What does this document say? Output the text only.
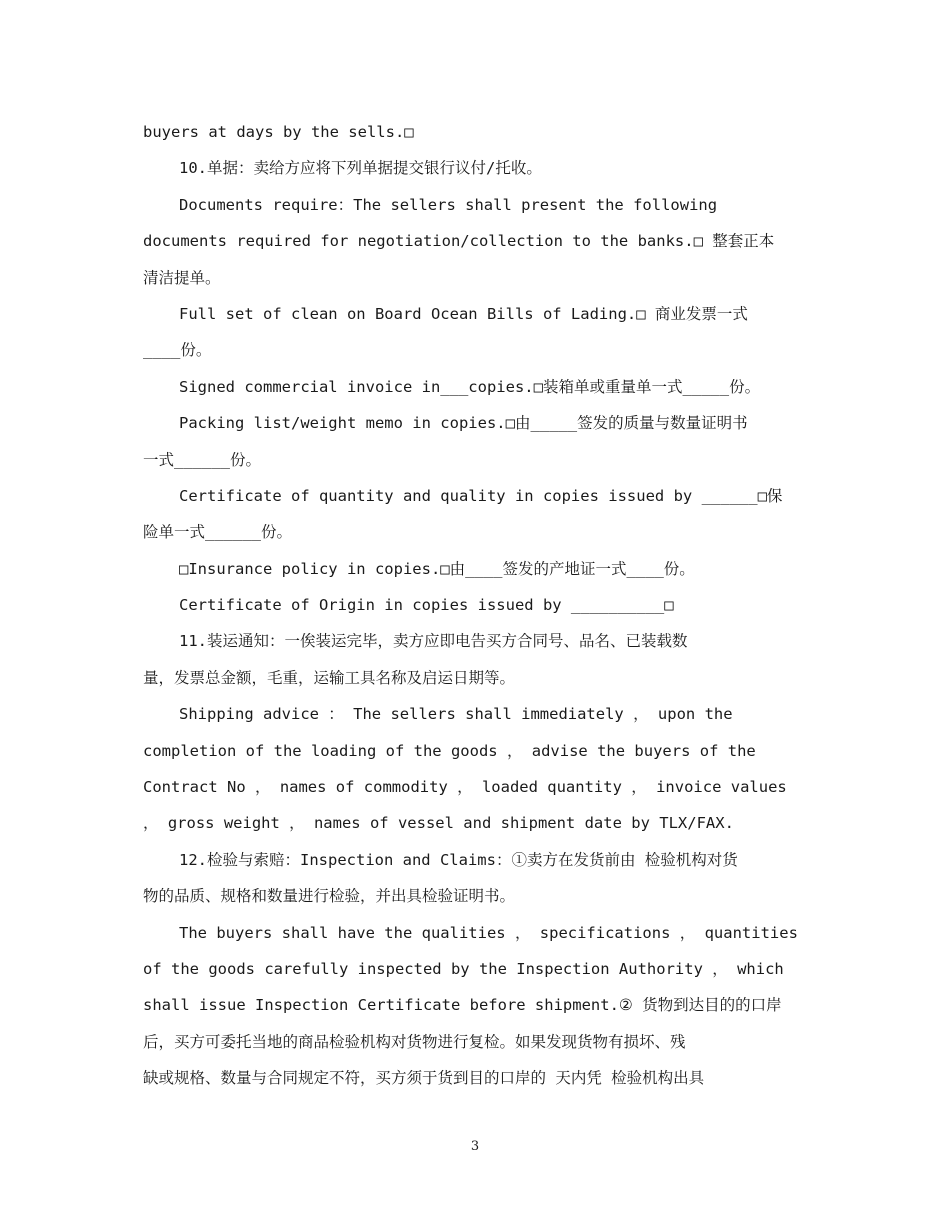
buyers at days by the sells.□
10.单据：卖给方应将下列单据提交银行议付/托收。
Documents require：The sellers shall present the following
documents required for negotiation/collection to the banks.□ 整套正本
清洁提单。
Full set of clean on Board Ocean Bills of Lading.□ 商业发票一式
____份。
Signed commercial invoice in___copies.□装箱单或重量单一式_____份。
Packing list/weight memo in copies.□由_____签发的质量与数量证明书
一式______份。
Certificate of quantity and quality in copies issued by ______□保
险单一式______份。
□Insurance policy in copies.□由____签发的产地证一式____份。
Certificate of Origin in copies issued by __________□
11.装运通知：一俟装运完毕，卖方应即电告买方合同号、品名、已装载数
量，发票总金额，毛重，运输工具名称及启运日期等。
Shipping advice ： The sellers shall immediately ， upon the
completion of the loading of the goods ， advise the buyers of the
Contract No ， names of commodity ， loaded quantity ， invoice values
， gross weight ， names of vessel and shipment date by TLX/FAX.
12.检验与索赔：Inspection and Claims：①卖方在发货前由 检验机构对货
物的品质、规格和数量进行检验，并出具检验证明书。
The buyers shall have the qualities ， specifications ， quantities
of the goods carefully inspected by the Inspection Authority ， which
shall issue Inspection Certificate before shipment.② 货物到达目的的口岸
后，买方可委托当地的商品检验机构对货物进行复检。如果发现货物有损坏、残
缺或规格、数量与合同规定不符，买方须于货到目的口岸的 天内凭 检验机构出具
3
